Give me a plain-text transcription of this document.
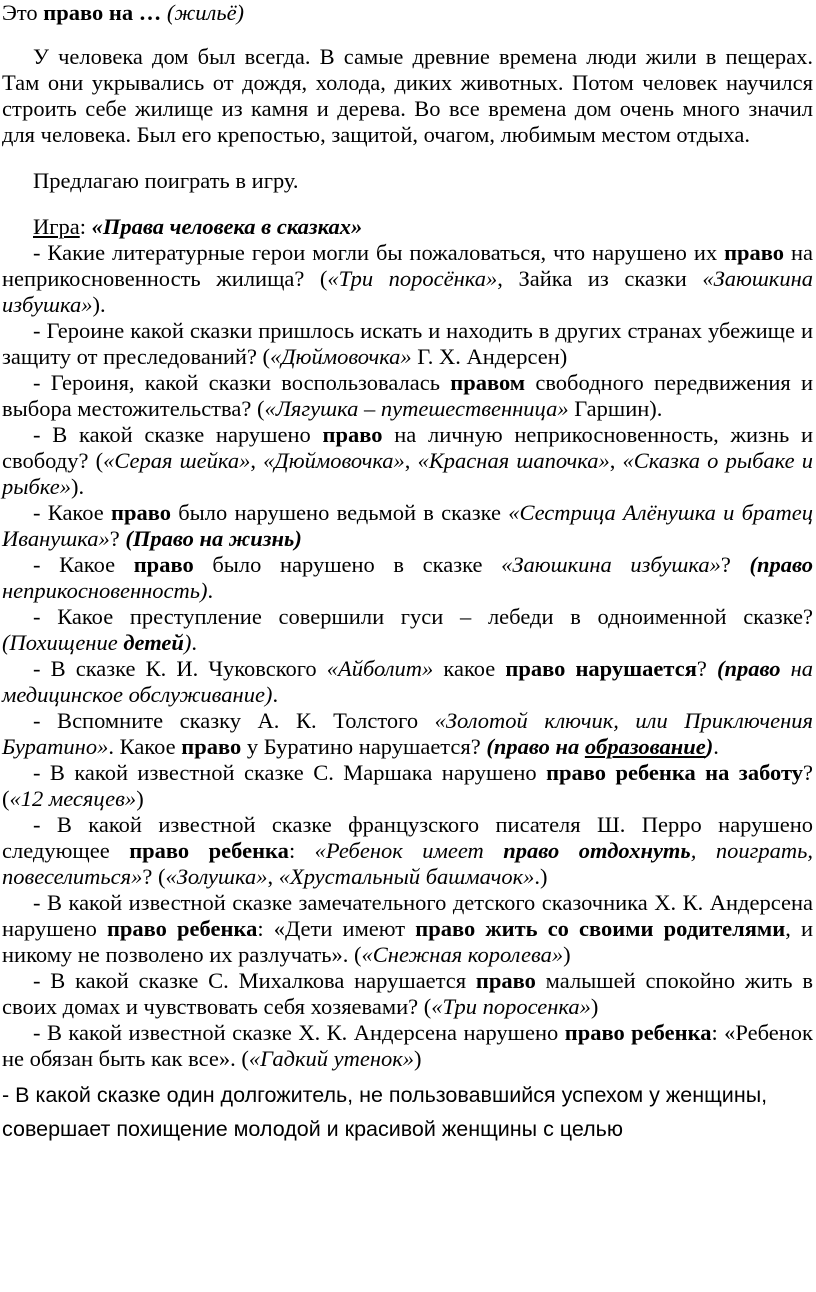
Это право на … (жильё)

У человека дом был всегда. В самые древние времена люди жили в пещерах. Там они укрывались от дождя, холода, диких животных. Потом человек научился строить себе жилище из камня и дерева. Во все времена дом очень много значил для человека. Был его крепостью, защитой, очагом, любимым местом отдыха.

Предлагаю поиграть в игру.

Игра: «Права человека в сказках»

- Какие литературные герои могли бы пожаловаться, что нарушено их право на неприкосновенность жилища? («Три поросёнка», Зайка из сказки «Заюшкина избушка»).

- Героине какой сказки пришлось искать и находить в других странах убежище и защиту от преследований? («Дюймовочка» Г. Х. Андерсен)

- Героиня, какой сказки воспользовалась правом свободного передвижения и выбора местожительства? («Лягушка – путешественница» Гаршин).

- В какой сказке нарушено право на личную неприкосновенность, жизнь и свободу? («Серая шейка», «Дюймовочка», «Красная шапочка», «Сказка о рыбаке и рыбке»).

- Какое право было нарушено ведьмой в сказке «Сестрица Алёнушка и братец Иванушка»? (Право на жизнь)

- Какое право было нарушено в сказке «Заюшкина избушка»? (право неприкосновенность).

- Какое преступление совершили гуси – лебеди в одноименной сказке? (Похищение детей).

- В сказке К. И. Чуковского «Айболит» какое право нарушается? (право на медицинское обслуживание).

- Вспомните сказку А. К. Толстого «Золотой ключик, или Приключения Буратино». Какое право у Буратино нарушается? (право на образование).

- В какой известной сказке С. Маршака нарушено право ребенка на заботу? («12 месяцев»)

- В какой известной сказке французского писателя Ш. Перро нарушено следующее право ребенка: «Ребенок имеет право отдохнуть, поиграть, повеселиться»? («Золушка», «Хрустальный башмачок».)

- В какой известной сказке замечательного детского сказочника Х. К. Андерсена нарушено право ребенка: «Дети имеют право жить со своими родителями, и никому не позволено их разлучать». («Снежная королева»)

- В какой сказке С. Михалкова нарушается право малышей спокойно жить в своих домах и чувствовать себя хозяевами? («Три поросенка»)

- В какой известной сказке Х. К. Андерсена нарушено право ребенка: «Ребенок не обязан быть как все». («Гадкий утенок»)

- В какой сказке один долгожитель, не пользовавшийся успехом у женщины,

совершает похищение молодой и красивой женщины с целью
